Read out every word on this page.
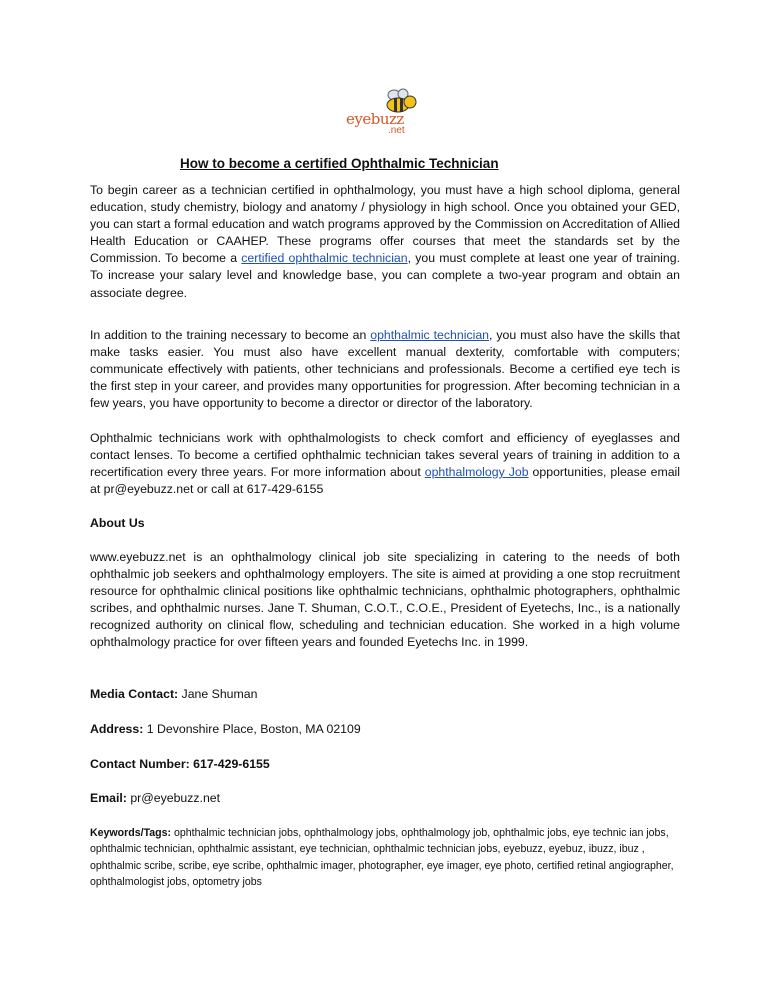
eyebuzz
.net
How to become a certified Ophthalmic Technician

To begin career as a technician certified in ophthalmology, you must have a high school diploma, general education, study chemistry, biology and anatomy / physiology in high school. Once you obtained your GED, you can start a formal education and watch programs approved by the Commission on Accreditation of Allied Health Education or CAAHEP. These programs offer courses that meet the standards set by the Commission. To become a certified ophthalmic technician, you must complete at least one year of training. To increase your salary level and knowledge base, you can complete a two-year program and obtain an associate degree.

In addition to the training necessary to become an ophthalmic technician, you must also have the skills that make tasks easier. You must also have excellent manual dexterity, comfortable with computers; communicate effectively with patients, other technicians and professionals. Become a certified eye tech is the first step in your career, and provides many opportunities for progression. After becoming technician in a few years, you have opportunity to become a director or director of the laboratory.

Ophthalmic technicians work with ophthalmologists to check comfort and efficiency of eyeglasses and contact lenses. To become a certified ophthalmic technician takes several years of training in addition to a recertification every three years. For more information about ophthalmology Job opportunities, please email at pr@eyebuzz.net or call at 617-429-6155

About Us

www.eyebuzz.net is an ophthalmology clinical job site specializing in catering to the needs of both ophthalmic job seekers and ophthalmology employers. The site is aimed at providing a one stop recruitment resource for ophthalmic clinical positions like ophthalmic technicians, ophthalmic photographers, ophthalmic scribes, and ophthalmic nurses. Jane T. Shuman, C.O.T., C.O.E., President of Eyetechs, Inc., is a nationally recognized authority on clinical flow, scheduling and technician education. She worked in a high volume ophthalmology practice for over fifteen years and founded Eyetechs Inc. in 1999.

Media Contact: Jane Shuman

Address: 1 Devonshire Place, Boston, MA 02109

Contact Number: 617-429-6155

Email: pr@eyebuzz.net

Keywords/Tags: ophthalmic technician jobs, ophthalmology jobs, ophthalmology job, ophthalmic jobs, eye technic ian jobs, ophthalmic technician, ophthalmic assistant, eye technician, ophthalmic technician jobs, eyebuzz, eyebuz, ibuzz, ibuz , ophthalmic scribe, scribe, eye scribe, ophthalmic imager, photographer, eye imager, eye photo, certified retinal angiographer, ophthalmologist jobs, optometry jobs
